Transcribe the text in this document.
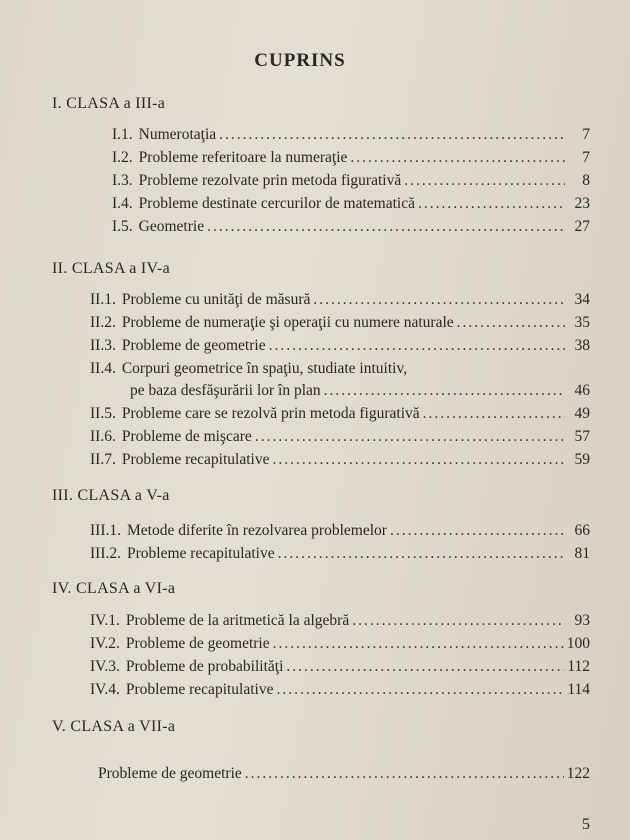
CUPRINS
I. CLASA a III-a
I.1. Numerotaţia .....	7
I.2. Probleme referitoare la numeraţie .....	7
I.3. Probleme rezolvate prin metoda figurativă .....	8
I.4. Probleme destinate cercurilor de matematică .....	23
I.5. Geometrie .....	27
II. CLASA a IV-a
II.1. Probleme cu unităţi de măsură .....	34
II.2. Probleme de numeraţie şi operaţii cu numere naturale .....	35
II.3. Probleme de geometrie .....	38
II.4. Corpuri geometrice în spaţiu, studiate intuitiv,
pe baza desfăşurării lor în plan .....	46
II.5. Probleme care se rezolvă prin metoda figurativă .....	49
II.6. Probleme de mişcare .....	57
II.7. Probleme recapitulative .....	59
III. CLASA a V-a
III.1. Metode diferite în rezolvarea problemelor .....	66
III.2. Probleme recapitulative .....	81
IV. CLASA a VI-a
IV.1. Probleme de la aritmetică la algebră .....	93
IV.2. Probleme de geometrie .....	100
IV.3. Probleme de probabilităţi .....	112
IV.4. Probleme recapitulative .....	114
V. CLASA a VII-a
Probleme de geometrie .....	122
5
